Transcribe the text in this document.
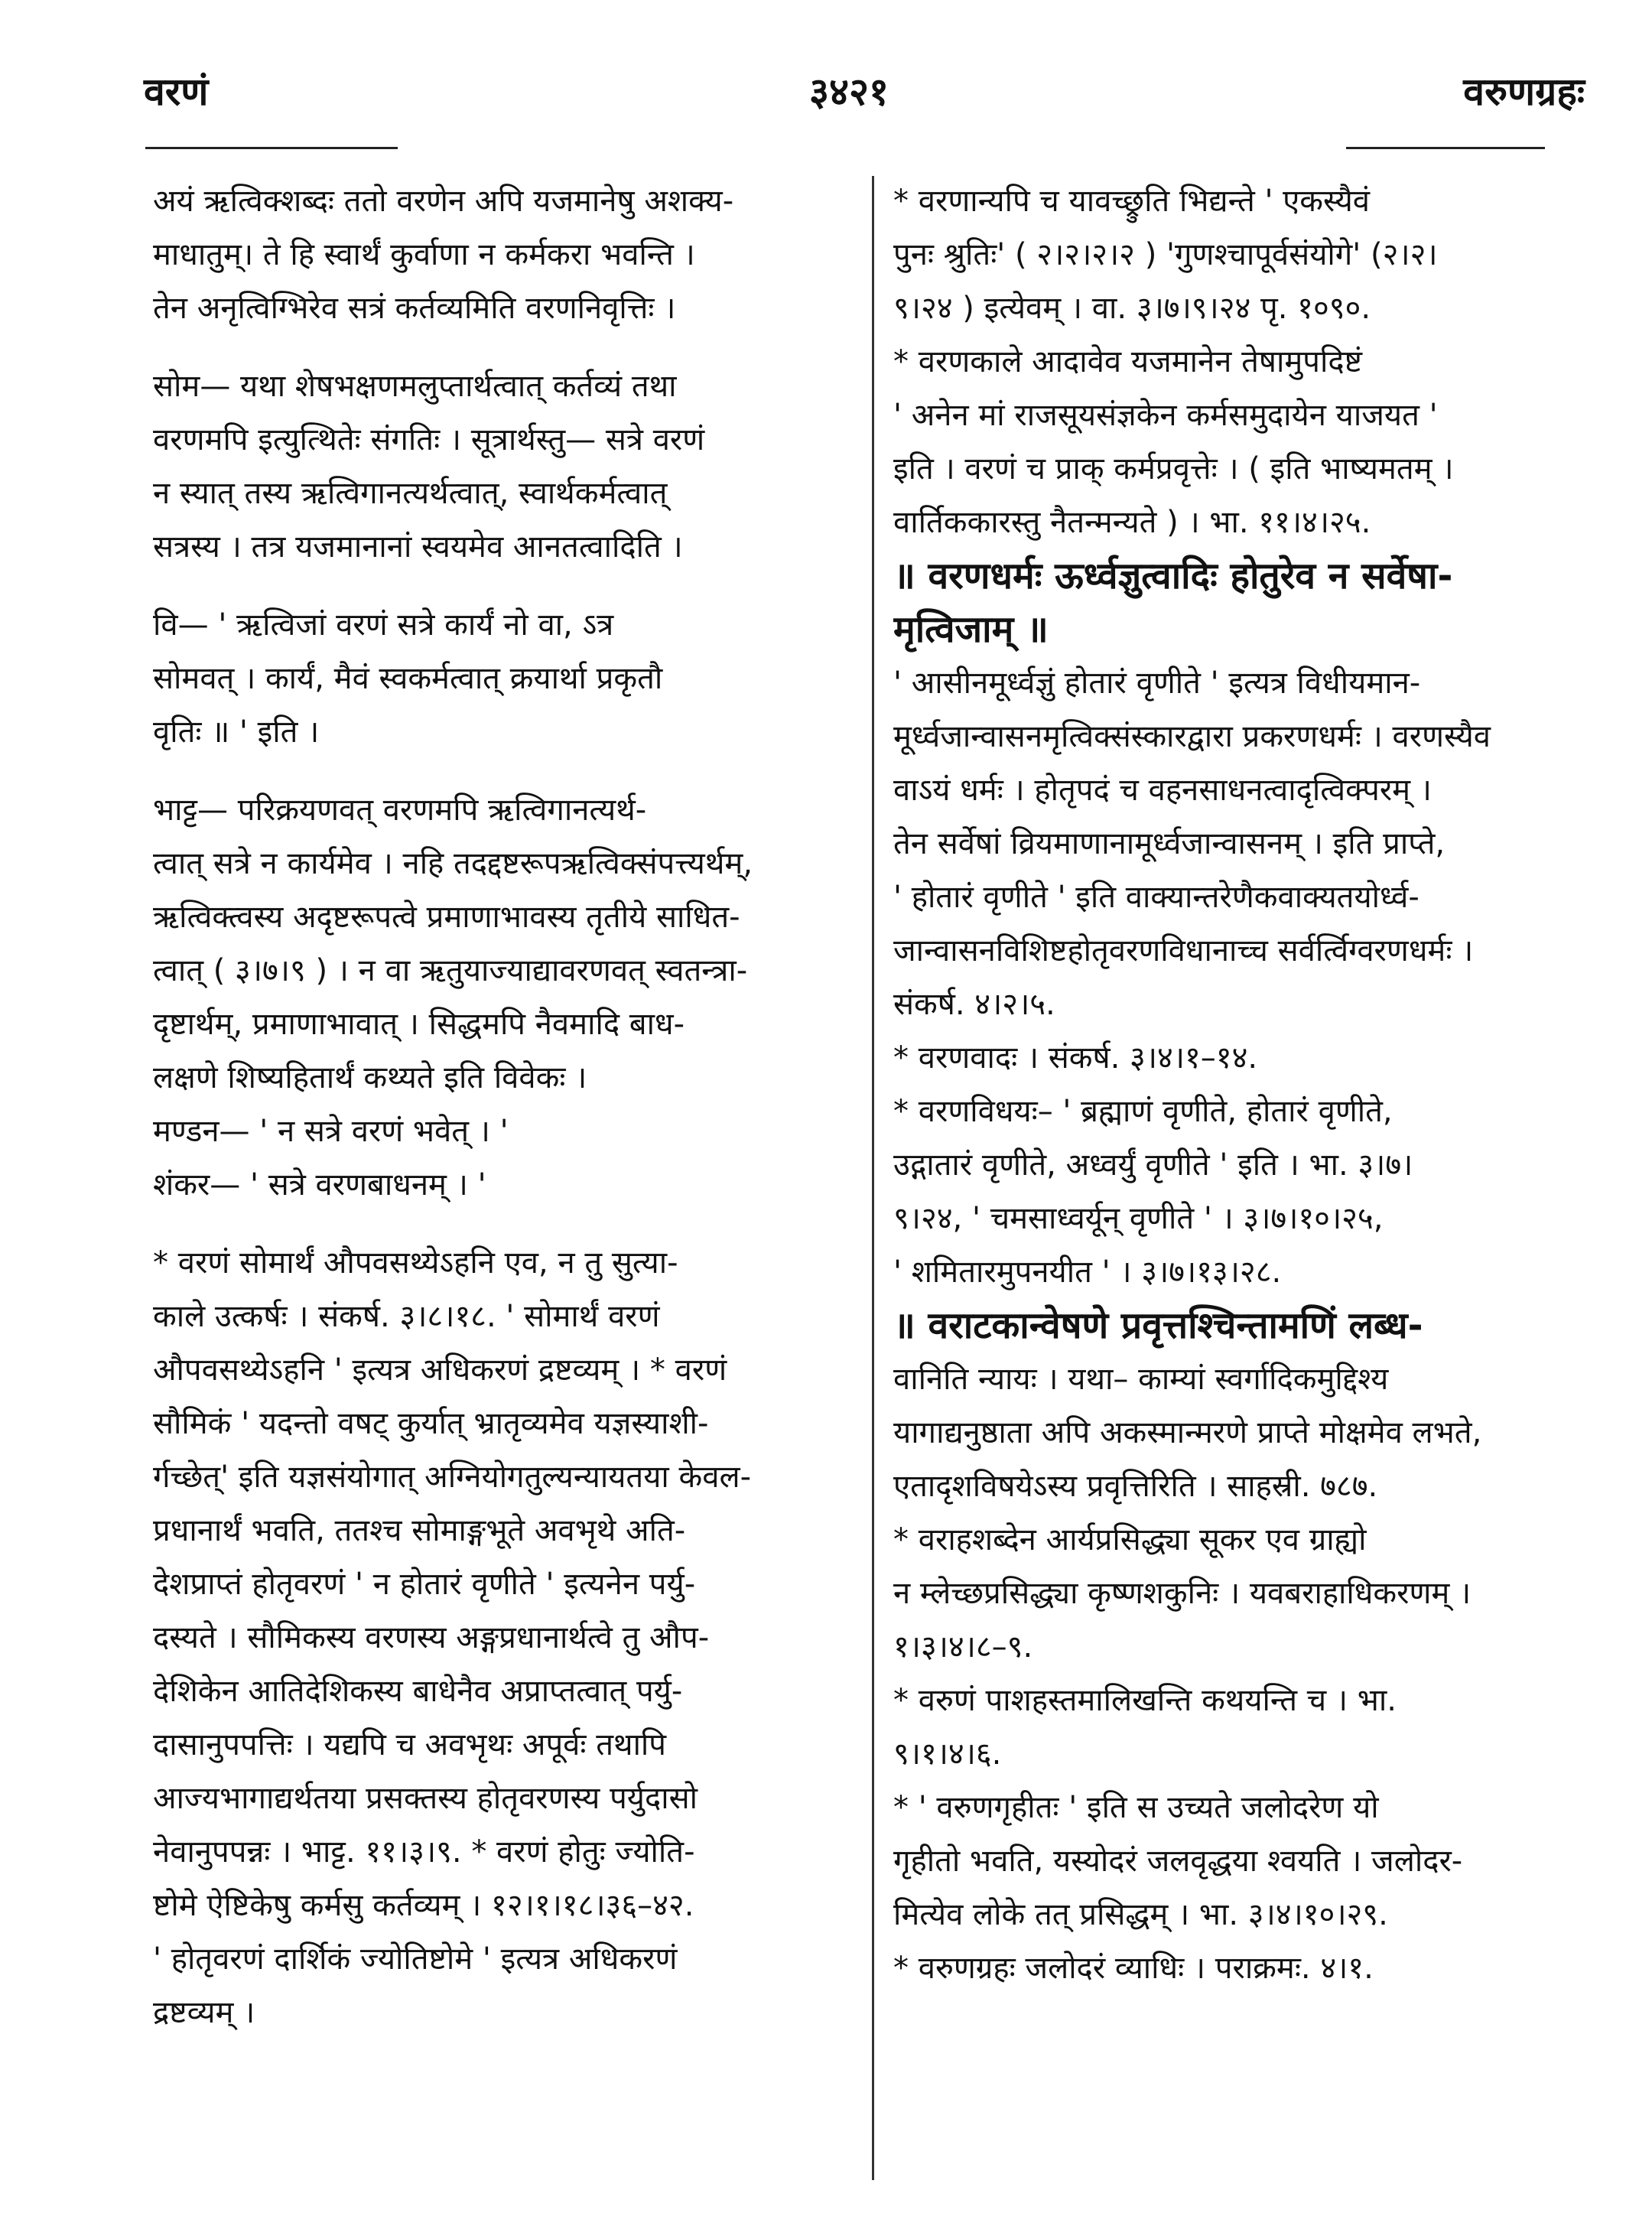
वरणं	३४२१	वरुणग्रहः
अयं ऋत्विक्शब्दः ततो वरणेन अपि यजमानेषु अशक्य-
माधातुम्। ते हि स्वार्थं कुर्वाणा न कर्मकरा भवन्ति ।
तेन अनृत्विग्भिरेव सत्रं कर्तव्यमिति वरणनिवृत्तिः ।
सोम— यथा शेषभक्षणमलुप्तार्थत्वात् कर्तव्यं तथा
वरणमपि इत्युत्थितेः संगतिः । सूत्रार्थस्तु— सत्रे वरणं
न स्यात् तस्य ऋत्विगानत्यर्थत्वात्, स्वार्थकर्मत्वात्
सत्रस्य । तत्र यजमानानां स्वयमेव आनतत्वादिति ।
वि— ' ऋत्विजां वरणं सत्रे कार्यं नो वा, ऽत्र
सोमवत् । कार्यं, मैवं स्वकर्मत्वात् क्रयार्था प्रकृतौ
वृतिः ॥ ' इति ।
भाट्ट— परिक्रयणवत् वरणमपि ऋत्विगानत्यर्थ-
त्वात् सत्रे न कार्यमेव । नहि तदद्दष्टरूपऋत्विक्संपत्त्यर्थम्,
ऋत्विक्त्वस्य अदृष्टरूपत्वे प्रमाणाभावस्य तृतीये साधित-
त्वात् ( ३।७।९ ) । न वा ऋतुयाज्याद्यावरणवत् स्वतन्त्रा-
दृष्टार्थम्, प्रमाणाभावात् । सिद्धमपि नैवमादि बाध-
लक्षणे शिष्यहितार्थं कथ्यते इति विवेकः ।
मण्डन— ' न सत्रे वरणं भवेत् । '
शंकर— ' सत्रे वरणबाधनम् । '
* वरणं सोमार्थं औपवसथ्येऽहनि एव, न तु सुत्या-
काले उत्कर्षः । संकर्ष. ३।८।१८. ' सोमार्थं वरणं
औपवसथ्येऽहनि ' इत्यत्र अधिकरणं द्रष्टव्यम् । * वरणं
सौमिकं ' यदन्तो वषट् कुर्यात् भ्रातृव्यमेव यज्ञस्याशी-
र्गच्छेत्' इति यज्ञसंयोगात् अग्नियोगतुल्यन्यायतया केवल-
प्रधानार्थं भवति, ततश्च सोमाङ्गभूते अवभृथे अति-
देशप्राप्तं होतृवरणं ' न होतारं वृणीते ' इत्यनेन पर्यु-
दस्यते । सौमिकस्य वरणस्य अङ्गप्रधानार्थत्वे तु औप-
देशिकेन आतिदेशिकस्य बाधेनैव अप्राप्तत्वात् पर्यु-
दासानुपपत्तिः । यद्यपि च अवभृथः अपूर्वः तथापि
आज्यभागाद्यर्थतया प्रसक्तस्य होतृवरणस्य पर्युदासो
नेवानुपपन्नः । भाट्ट. ११।३।९. * वरणं होतुः ज्योति-
ष्टोमे ऐष्टिकेषु कर्मसु कर्तव्यम् । १२।१।१८।३६–४२.
' होतृवरणं दार्शिकं ज्योतिष्टोमे ' इत्यत्र अधिकरणं
द्रष्टव्यम् ।
* वरणान्यपि च यावच्छ्रुति भिद्यन्ते ' एकस्यैवं
पुनः श्रुतिः' ( २।२।२।२ ) 'गुणश्चापूर्वसंयोगे' (२।२।
९।२४ ) इत्येवम् । वा. ३।७।९।२४ पृ. १०९०.
* वरणकाले आदावेव यजमानेन तेषामुपदिष्टं
' अनेन मां राजसूयसंज्ञकेन कर्मसमुदायेन याजयत '
इति । वरणं च प्राक् कर्मप्रवृत्तेः । ( इति भाष्यमतम् ।
वार्तिककारस्तु नैतन्मन्यते ) । भा. ११।४।२५.
॥ वरणधर्मः ऊर्ध्वज्ञुत्वादिः होतुरेव न सर्वेषा-
मृत्विजाम् ॥
' आसीनमूर्ध्वज्ञुं होतारं वृणीते ' इत्यत्र विधीयमान-
मूर्ध्वजान्वासनमृत्विक्संस्कारद्वारा प्रकरणधर्मः । वरणस्यैव
वाऽयं धर्मः । होतृपदं च वहनसाधनत्वादृत्विक्परम् ।
तेन सर्वेषां व्रियमाणानामूर्ध्वजान्वासनम् । इति प्राप्ते,
' होतारं वृणीते ' इति वाक्यान्तरेणैकवाक्यतयोर्ध्व-
जान्वासनविशिष्टहोतृवरणविधानाच्च सर्वर्त्विग्वरणधर्मः ।
संकर्ष. ४।२।५.
* वरणवादः । संकर्ष. ३।४।१–१४.
* वरणविधयः– ' ब्रह्माणं वृणीते, होतारं वृणीते,
उद्गातारं वृणीते, अध्वर्युं वृणीते ' इति । भा. ३।७।
९।२४, ' चमसाध्वर्यून् वृणीते ' । ३।७।१०।२५,
' शमितारमुपनयीत ' । ३।७।१३।२८.
॥ वराटकान्वेषणे प्रवृत्तश्चिन्तामणिं लब्ध-
वानिति न्यायः । यथा– काम्यां स्वर्गादिकमुद्दिश्य
यागाद्यनुष्ठाता अपि अकस्मान्मरणे प्राप्ते मोक्षमेव लभते,
एतादृशविषयेऽस्य प्रवृत्तिरिति । साहस्री. ७८७.
* वराहशब्देन आर्यप्रसिद्ध्या सूकर एव ग्राह्यो
न म्लेच्छप्रसिद्ध्या कृष्णशकुनिः । यवबराहाधिकरणम् ।
१।३।४।८–९.
* वरुणं पाशहस्तमालिखन्ति कथयन्ति च । भा.
९।१।४।६.
* ' वरुणगृहीतः ' इति स उच्यते जलोदरेण यो
गृहीतो भवति, यस्योदरं जलवृद्धया श्वयति । जलोदर-
मित्येव लोके तत् प्रसिद्धम् । भा. ३।४।१०।२९.
* वरुणग्रहः जलोदरं व्याधिः । पराक्रमः. ४।१.
